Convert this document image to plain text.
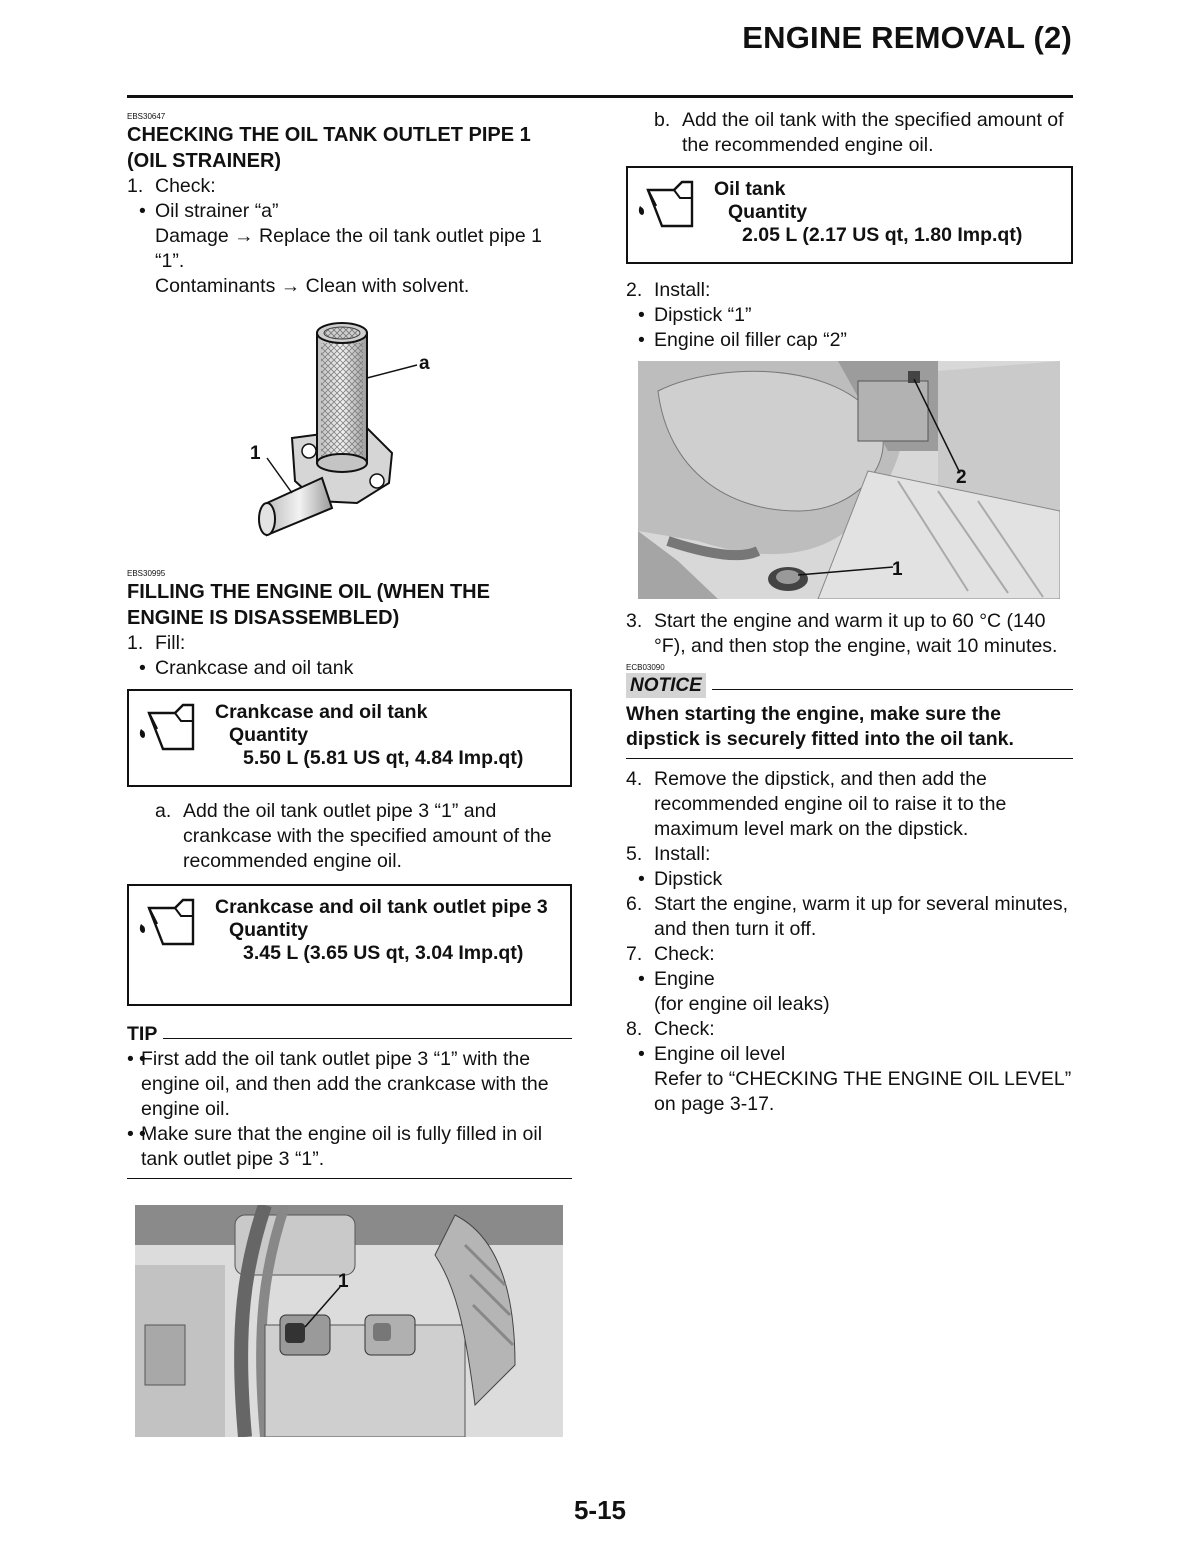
ENGINE REMOVAL (2)
EBS30647
CHECKING THE OIL TANK OUTLET PIPE 1 (OIL STRAINER)
1. Check:
• Oil strainer “a”
Damage → Replace the oil tank outlet pipe 1 “1”.
Contaminants → Clean with solvent.
a
1
EBS30995
FILLING THE ENGINE OIL (WHEN THE ENGINE IS DISASSEMBLED)
1. Fill:
• Crankcase and oil tank
Crankcase and oil tank
Quantity
5.50 L (5.81 US qt, 4.84 Imp.qt)
a. Add the oil tank outlet pipe 3 “1” and crankcase with the specified amount of the recommended engine oil.
Crankcase and oil tank outlet pipe 3
Quantity
3.45 L (3.65 US qt, 3.04 Imp.qt)
TIP
• • First add the oil tank outlet pipe 3 “1” with the engine oil, and then add the crankcase with the engine oil.
• • Make sure that the engine oil is fully filled in oil tank outlet pipe 3 “1”.
1
b. Add the oil tank with the specified amount of the recommended engine oil.
Oil tank
Quantity
2.05 L (2.17 US qt, 1.80 Imp.qt)
2. Install:
• Dipstick “1”
• Engine oil filler cap “2”
2
1
3. Start the engine and warm it up to 60 °C (140 °F), and then stop the engine, wait 10 minutes.
ECB03090
NOTICE
When starting the engine, make sure the dipstick is securely fitted into the oil tank.
4. Remove the dipstick, and then add the recommended engine oil to raise it to the maximum level mark on the dipstick.
5. Install:
• Dipstick
6. Start the engine, warm it up for several minutes, and then turn it off.
7. Check:
• Engine
(for engine oil leaks)
8. Check:
• Engine oil level
Refer to “CHECKING THE ENGINE OIL LEVEL” on page 3-17.
5-15
